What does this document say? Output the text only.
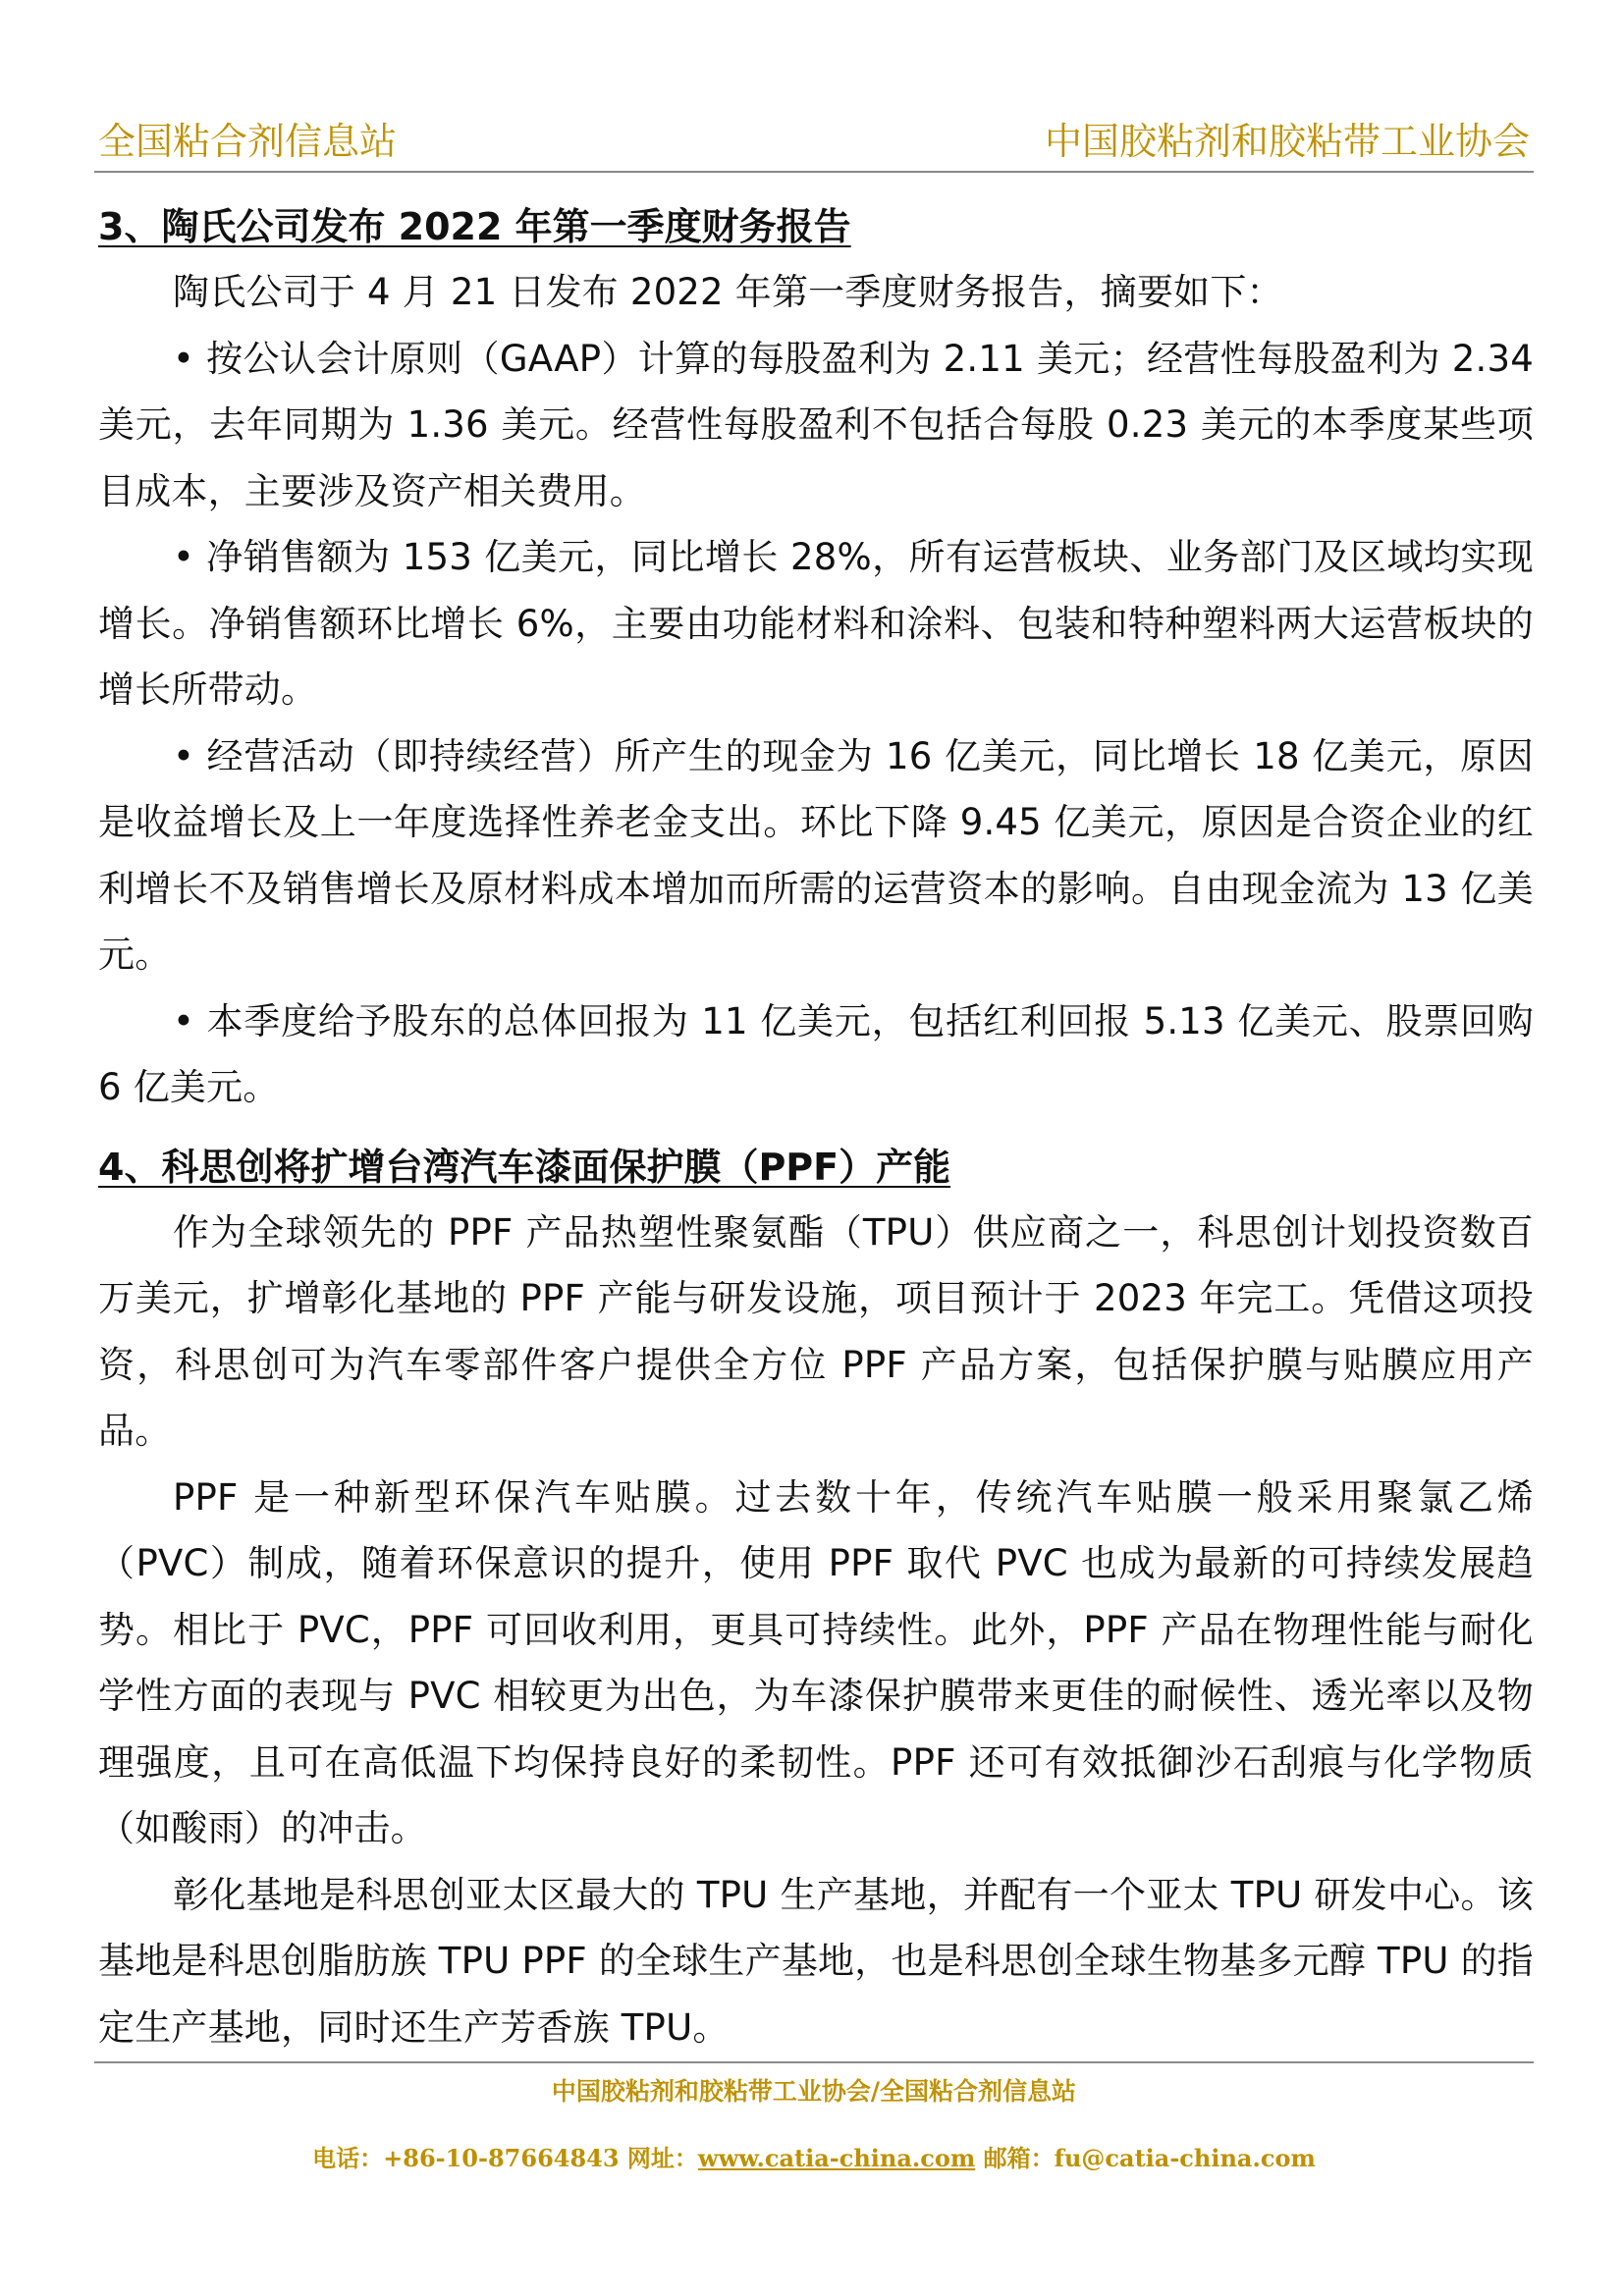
全国粘合剂信息站	中国胶粘剂和胶粘带工业协会
3、陶氏公司发布 2022 年第一季度财务报告

陶氏公司于 4 月 21 日发布 2022 年第一季度财务报告，摘要如下：

• 按公认会计原则（GAAP）计算的每股盈利为 2.11 美元；经营性每股盈利为 2.34 美元，去年同期为 1.36 美元。经营性每股盈利不包括合每股 0.23 美元的本季度某些项目成本，主要涉及资产相关费用。

• 净销售额为 153 亿美元，同比增长 28%，所有运营板块、业务部门及区域均实现增长。净销售额环比增长 6%，主要由功能材料和涂料、包装和特种塑料两大运营板块的增长所带动。

• 经营活动（即持续经营）所产生的现金为 16 亿美元，同比增长 18 亿美元，原因是收益增长及上一年度选择性养老金支出。环比下降 9.45 亿美元，原因是合资企业的红利增长不及销售增长及原材料成本增加而所需的运营资本的影响。自由现金流为 13 亿美元。

• 本季度给予股东的总体回报为 11 亿美元，包括红利回报 5.13 亿美元、股票回购 6 亿美元。

4、科思创将扩增台湾汽车漆面保护膜（PPF）产能

作为全球领先的 PPF 产品热塑性聚氨酯（TPU）供应商之一，科思创计划投资数百万美元，扩增彰化基地的 PPF 产能与研发设施，项目预计于 2023 年完工。凭借这项投资，科思创可为汽车零部件客户提供全方位 PPF 产品方案，包括保护膜与贴膜应用产品。

PPF 是一种新型环保汽车贴膜。过去数十年，传统汽车贴膜一般采用聚氯乙烯（PVC）制成，随着环保意识的提升，使用 PPF 取代 PVC 也成为最新的可持续发展趋势。相比于 PVC，PPF 可回收利用，更具可持续性。此外，PPF 产品在物理性能与耐化学性方面的表现与 PVC 相较更为出色，为车漆保护膜带来更佳的耐候性、透光率以及物理强度，且可在高低温下均保持良好的柔韧性。PPF 还可有效抵御沙石刮痕与化学物质（如酸雨）的冲击。

彰化基地是科思创亚太区最大的 TPU 生产基地，并配有一个亚太 TPU 研发中心。该基地是科思创脂肪族 TPU PPF 的全球生产基地，也是科思创全球生物基多元醇 TPU 的指定生产基地，同时还生产芳香族 TPU。

中国胶粘剂和胶粘带工业协会/全国粘合剂信息站
电话：+86-10-87664843 网址：www.catia-china.com 邮箱：fu@catia-china.com
